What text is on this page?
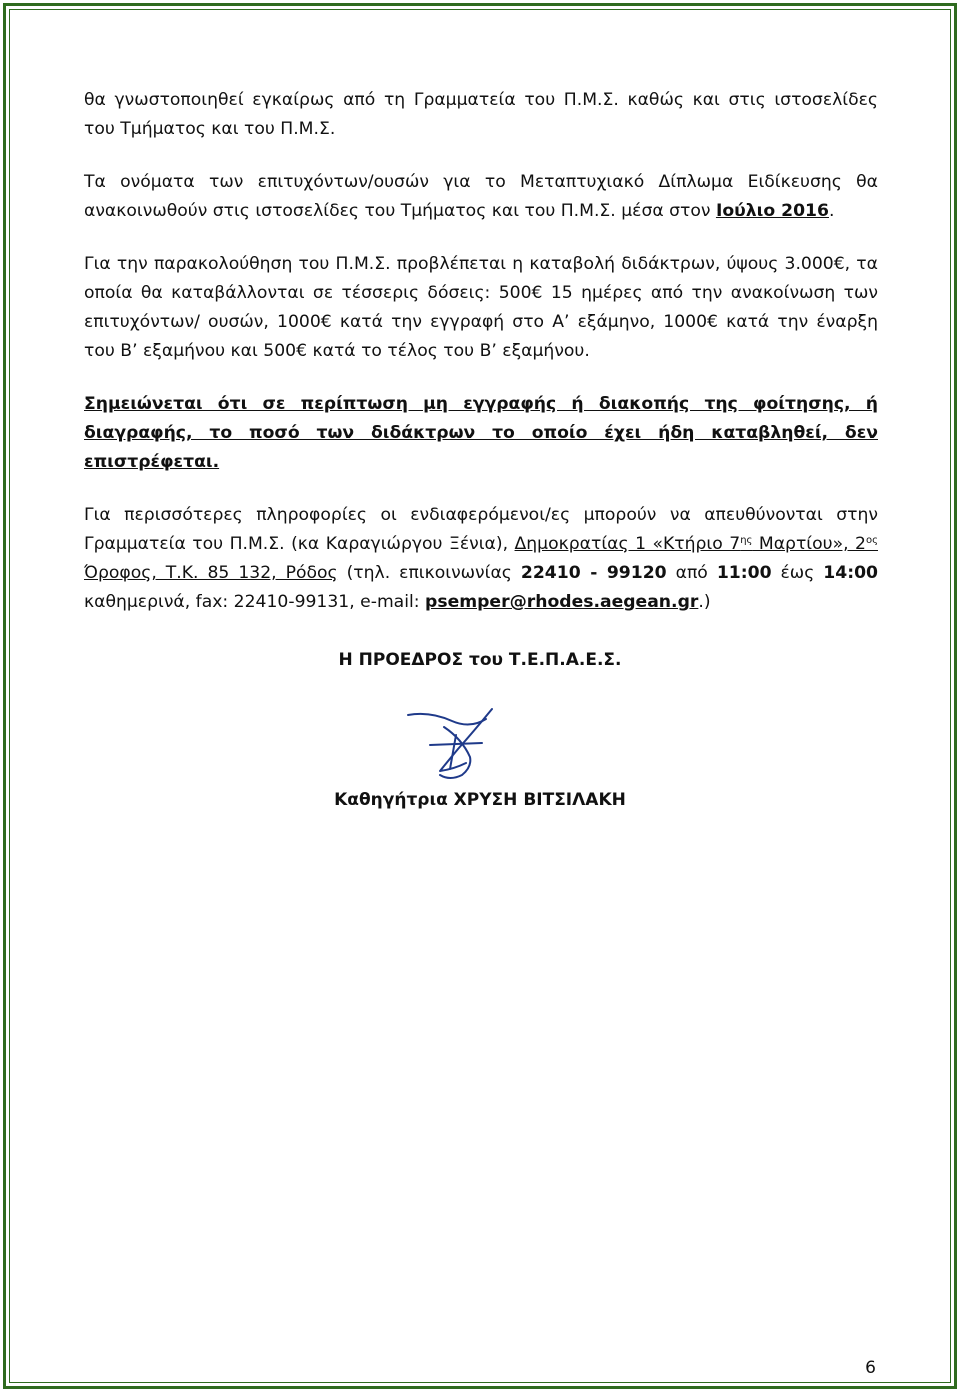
θα γνωστοποιηθεί εγκαίρως από τη Γραμματεία του Π.Μ.Σ. καθώς και στις ιστοσελίδες του Τμήματος και του Π.Μ.Σ.

Τα ονόματα των επιτυχόντων/ουσών για το Μεταπτυχιακό Δίπλωμα Ειδίκευσης θα ανακοινωθούν στις ιστοσελίδες του Τμήματος και του Π.Μ.Σ. μέσα στον Ιούλιο 2016.

Για την παρακολούθηση του Π.Μ.Σ. προβλέπεται η καταβολή διδάκτρων, ύψους 3.000€, τα οποία θα καταβάλλονται σε τέσσερις δόσεις: 500€ 15 ημέρες από την ανακοίνωση των επιτυχόντων/ ουσών, 1000€ κατά την εγγραφή στο Α’ εξάμηνο, 1000€ κατά την έναρξη του Β’ εξαμήνου και 500€ κατά το τέλος του Β’ εξαμήνου.

Σημειώνεται ότι σε περίπτωση μη εγγραφής ή διακοπής της φοίτησης, ή διαγραφής, το ποσό των διδάκτρων το οποίο έχει ήδη καταβληθεί, δεν επιστρέφεται.

Για περισσότερες πληροφορίες οι ενδιαφερόμενοι/ες μπορούν να απευθύνονται στην Γραμματεία του Π.Μ.Σ. (κα Καραγιώργου Ξένια), Δημοκρατίας 1 «Κτήριο $7^{\eta\varsigma}$ Μαρτίου», $2^{o\varsigma}$ Όροφος, Τ.Κ. 85 132, Ρόδος (τηλ. επικοινωνίας 22410 - 99120 από 11:00 έως 14:00 καθημερινά, fax: 22410-99131, e-mail: psemper@rhodes.aegean.gr.)

Η ΠΡΟΕΔΡΟΣ του Τ.Ε.Π.Α.Ε.Σ.
Καθηγήτρια ΧΡΥΣΗ ΒΙΤΣΙΛΑΚΗ
6
